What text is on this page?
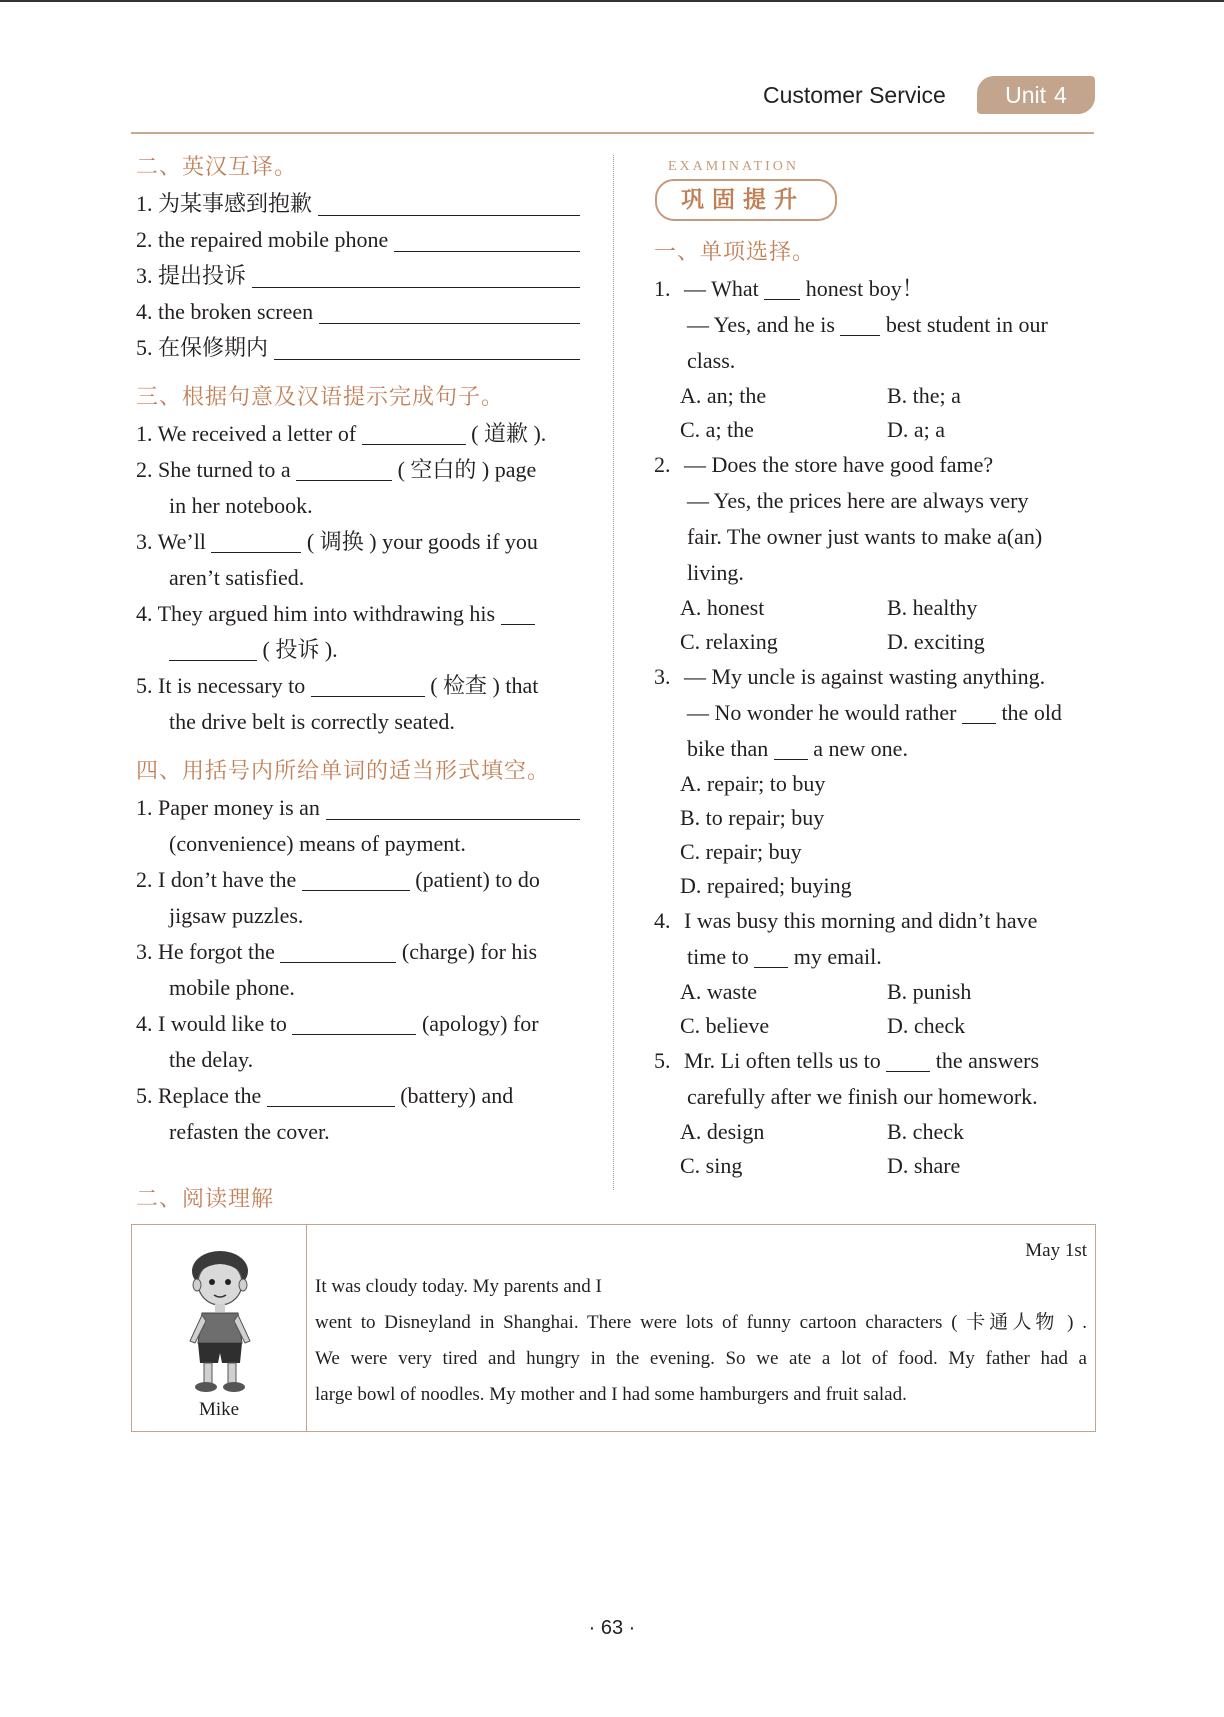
Customer Service	Unit 4
二、英汉互译。
1. 为某事感到抱歉
2. the repaired mobile phone
3. 提出投诉
4. the broken screen
5. 在保修期内
三、根据句意及汉语提示完成句子。
1. We received a letter of	( 道歉 ).
2. She turned to a	( 空白的 ) page
in her notebook.
3. We’ll	( 调换 ) your goods if you
aren’t satisfied.
4. They argued him into withdrawing his
( 投诉 ).
5. It is necessary to	( 检查 ) that
the drive belt is correctly seated.
四、用括号内所给单词的适当形式填空。
1. Paper money is an
(convenience) means of payment.
2. I don’t have the	(patient) to do
jigsaw puzzles.
3. He forgot the	(charge) for his
mobile phone.
4. I would like to	(apology) for
the delay.
5. Replace the	(battery) and
refasten the cover.
EXAMINATION
巩固提升
一、单项选择。
1. — What honest boy！
— Yes, and he is best student in our
class.
A. an; the	B. the; a
C. a; the	D. a; a
2. — Does the store have good fame?
— Yes, the prices here are always very
fair. The owner just wants to make a(an)
living.
A. honest	B. healthy
C. relaxing	D. exciting
3. — My uncle is against wasting anything.
— No wonder he would rather the old
bike than a new one.
A. repair; to buy
B. to repair; buy
C. repair; buy
D. repaired; buying
4. I was busy this morning and didn’t have
time to my email.
A. waste	B. punish
C. believe	D. check
5. Mr. Li often tells us to	the answers
carefully after we finish our homework.
A. design	B. check
C. sing	D. share
二、阅读理解
Mike
May 1st
It was cloudy today. My parents and I
went to Disneyland in Shanghai. There were lots of funny cartoon characters ( 卡通人物 ) .
We were very tired and hungry in the evening. So we ate a lot of food. My father had a
large bowl of noodles. My mother and I had some hamburgers and fruit salad.
· 63 ·
